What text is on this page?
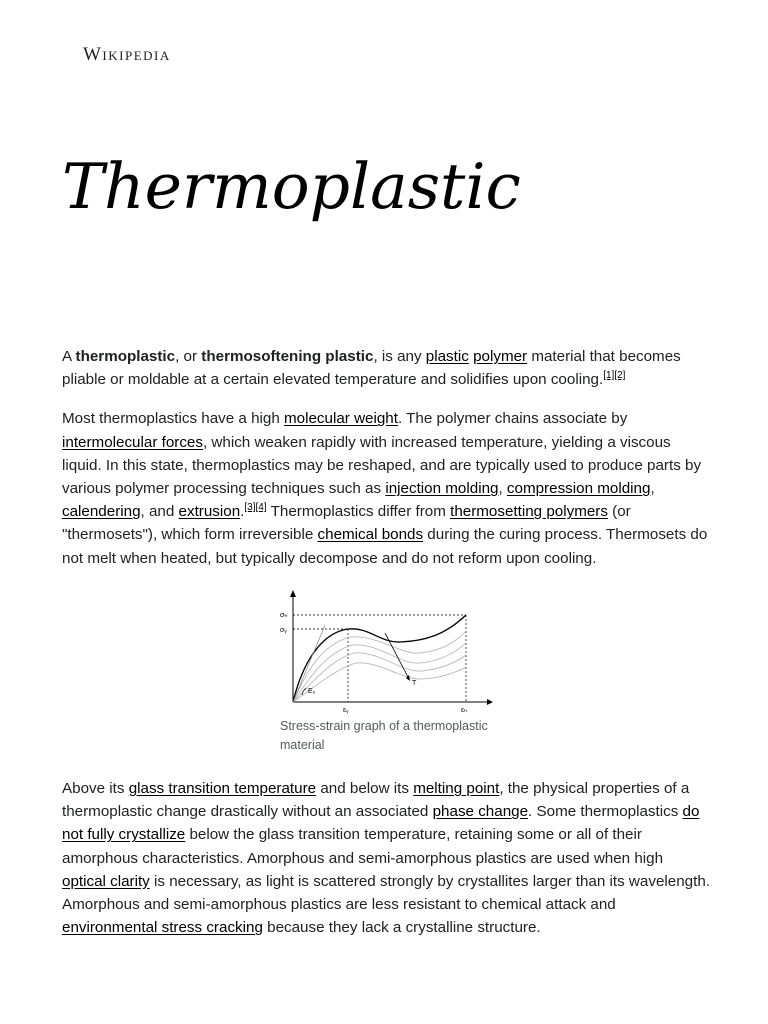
Wikipedia
Thermoplastic

A thermoplastic, or thermosoftening plastic, is any plastic polymer material that becomes pliable or moldable at a certain elevated temperature and solidifies upon cooling.[1][2]

Most thermoplastics have a high molecular weight. The polymer chains associate by intermolecular forces, which weaken rapidly with increased temperature, yielding a viscous liquid. In this state, thermoplastics may be reshaped, and are typically used to produce parts by various polymer processing techniques such as injection molding, compression molding, calendering, and extrusion.[3][4] Thermoplastics differ from thermosetting polymers (or "thermosets"), which form irreversible chemical bonds during the curing process. Thermosets do not melt when heated, but typically decompose and do not reform upon cooling.

σₕ
σᵧ
εᵧ	εₕ
E₀
T
Stress-strain graph of a thermoplastic material

Above its glass transition temperature and below its melting point, the physical properties of a thermoplastic change drastically without an associated phase change. Some thermoplastics do not fully crystallize below the glass transition temperature, retaining some or all of their amorphous characteristics. Amorphous and semi-amorphous plastics are used when high optical clarity is necessary, as light is scattered strongly by crystallites larger than its wavelength. Amorphous and semi-amorphous plastics are less resistant to chemical attack and environmental stress cracking because they lack a crystalline structure.
